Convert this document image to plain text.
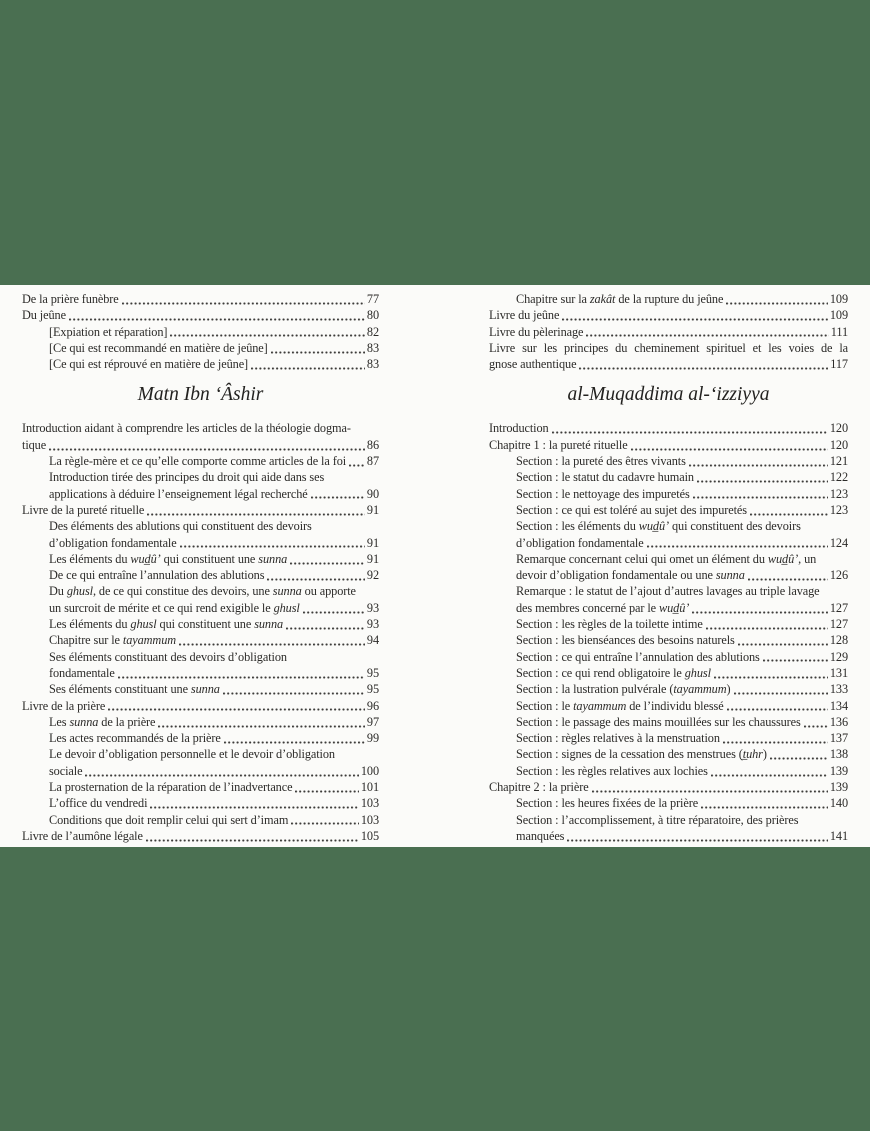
De la prière funèbre	77
Du jeûne	80
[Expiation et réparation]	82
[Ce qui est recommandé en matière de jeûne]	83
[Ce qui est réprouvé en matière de jeûne]	83
Matn Ibn ‘Âshir
Introduction aidant à comprendre les articles de la théologie dogma-
tique	86
La règle-mère et ce qu’elle comporte comme articles de la foi 87
Introduction tirée des principes du droit qui aide dans ses
applications à déduire l’enseignement légal recherché	90
Livre de la pureté rituelle	91
Des éléments des ablutions qui constituent des devoirs
d’obligation fondamentale	91
Les éléments du wud̲û’ qui constituent une sunna	91
De ce qui entraîne l’annulation des ablutions	92
Du ghusl, de ce qui constitue des devoirs, une sunna ou apporte
un surcroit de mérite et ce qui rend exigible le ghusl	93
Les éléments du ghusl qui constituent une sunna	93
Chapitre sur le tayammum	94
Ses éléments constituant des devoirs d’obligation
fondamentale	95
Ses éléments constituant une sunna	95
Livre de la prière	96
Les sunna de la prière	97
Les actes recommandés de la prière	99
Le devoir d’obligation personnelle et le devoir d’obligation
sociale	100
La prosternation de la réparation de l’inadvertance	101
L’office du vendredi	103
Conditions que doit remplir celui qui sert d’imam	103
Livre de l’aumône légale	105
Chapitre sur la zakât de la rupture du jeûne	109
Livre du jeûne	109
Livre du pèlerinage	111
Livre sur les principes du cheminement spirituel et les voies de la
gnose authentique	117
al-Muqaddima al-‘izziyya
Introduction	120
Chapitre 1 : la pureté rituelle	120
Section : la pureté des êtres vivants	121
Section : le statut du cadavre humain	122
Section : le nettoyage des impuretés	123
Section : ce qui est toléré au sujet des impuretés	123
Section : les éléments du wud̲û’ qui constituent des devoirs
d’obligation fondamentale	124
Remarque concernant celui qui omet un élément du wud̲û’, un
devoir d’obligation fondamentale ou une sunna	126
Remarque : le statut de l’ajout d’autres lavages au triple lavage
des membres concerné par le wud̲û’	127
Section : les règles de la toilette intime	127
Section : les bienséances des besoins naturels	128
Section : ce qui entraîne l’annulation des ablutions	129
Section : ce qui rend obligatoire le ghusl	131
Section : la lustration pulvérale (tayammum)	133
Section : le tayammum de l’individu blessé	134
Section : le passage des mains mouillées sur les chaussures 136
Section : règles relatives à la menstruation	137
Section : signes de la cessation des menstrues (t̲uhr)	138
Section : les règles relatives aux lochies	139
Chapitre 2 : la prière	139
Section : les heures fixées de la prière	140
Section : l’accomplissement, à titre réparatoire, des prières
manquées	141
